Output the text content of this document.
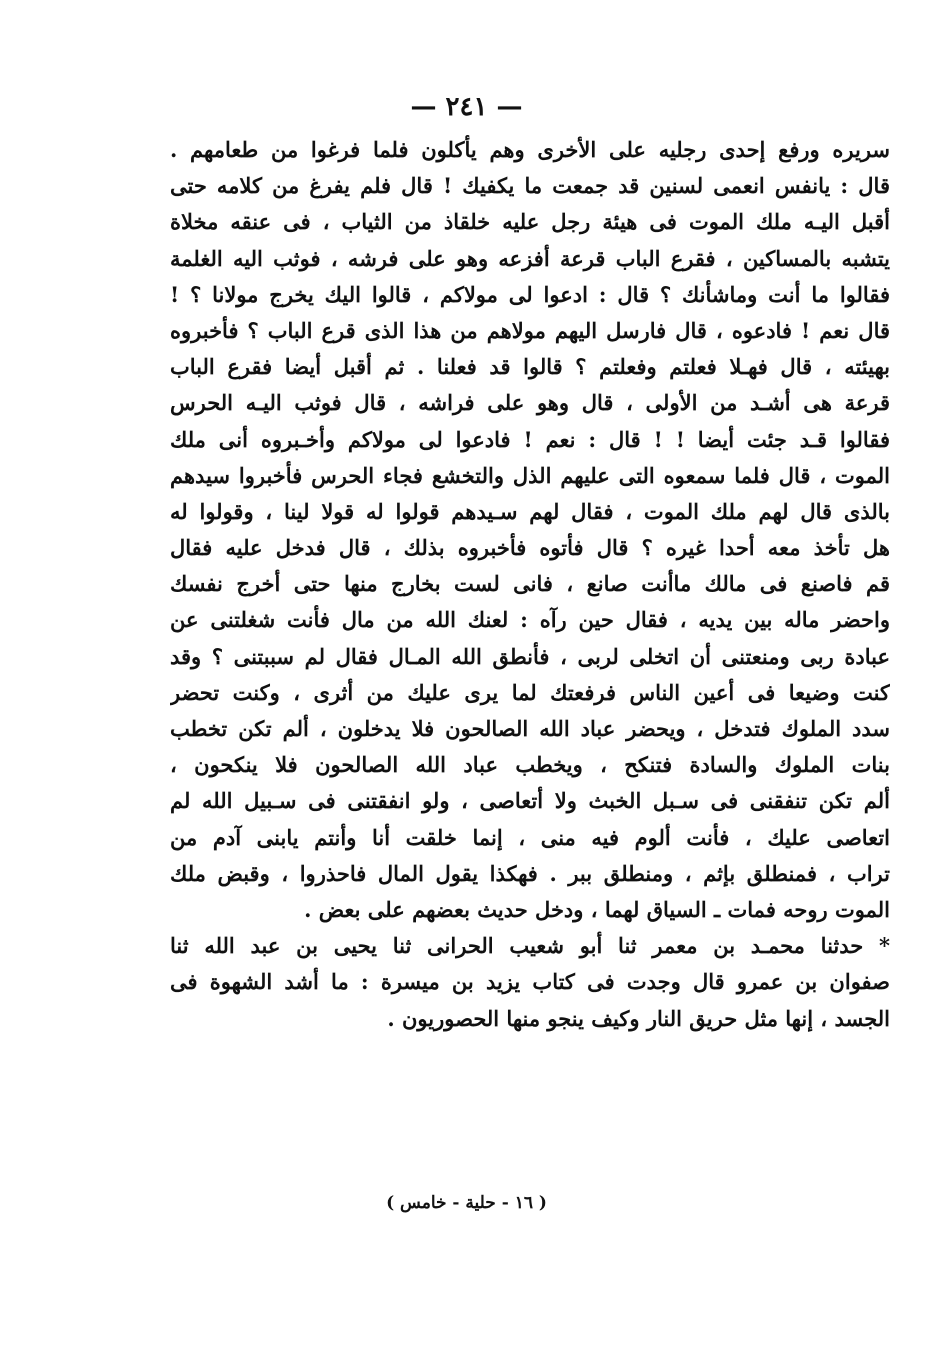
— ٢٤١ —
سريره ورفع إحدى رجليه على الأخرى وهم يأكلون فلما فرغوا من طعامهم .
قال : يانفس انعمى لسنين قد جمعت ما يكفيك ! قال فلم يفرغ من كلامه حتى
أقبل اليـه ملك الموت فى هيئة رجل عليه خلقاذ من الثياب ، فى عنقه مخلاة
يتشبه بالمساكين ، فقرع الباب قرعة أفزعه وهو على فرشه ، فوثب اليه الغلمة
فقالوا ما أنت وماشأنك ؟ قال : ادعوا لى مولاكم ، قالوا اليك يخرج مولانا ؟ !
قال نعم ! فادعوه ، قال فارسل اليهم مولاهم من هذا الذى قرع الباب ؟ فأخبروه
بهيئته ، قال فهـلا فعلتم وفعلتم ؟ قالوا قد فعلنا . ثم أقبل أيضا فقرع الباب
قرعة هى أشـد من الأولى ، قال وهو على فراشه ، قال فوثب اليـه الحرس
فقالوا قـد جئت أيضا ! ! قال : نعم ! فادعوا لى مولاكم وأخـبروه أنى ملك
الموت ، قال فلما سمعوه التى عليهم الذل والتخشع فجاء الحرس فأخبروا سيدهم
بالذى قال لهم ملك الموت ، فقال لهم سـيدهم قولوا له قولا لينا ، وقولوا له
هل تأخذ معه أحدا غيره ؟ قال فأتوه فأخبروه بذلك ، قال فدخل عليه فقال
قم فاصنع فى مالك ماأنت صانع ، فانى لست بخارج منها حتى أخرج نفسك
واحضر ماله بين يديه ، فقال حين رآه : لعنك الله من مال فأنت شغلتنى عن
عبادة ربى ومنعتنى أن اتخلى لربى ، فأنطق الله المـال فقال لم سببتنى ؟ وقد
كنت وضيعا فى أعين الناس فرفعتك لما يرى عليك من أثرى ، وكنت تحضر
سدد الملوك فتدخل ، ويحضر عباد الله الصالحون فلا يدخلون ، ألم تكن تخطب
بنات الملوك والسادة فتنكح ، ويخطب عباد الله الصالحون فلا ينكحون ،
ألم تكن تنفقنى فى سـبل الخبث ولا أتعاصى ، ولو انفقتنى فى سـبيل الله لم
اتعاصى عليك ، فأنت ألوم فيه منى ، إنما خلقت أنا وأنتم يابنى آدم من
تراب ، فمنطلق بإثم ، ومنطلق ببر . فهكذا يقول المال فاحذروا ، وقبض ملك
الموت روحه فمات ـ السياق لهما ، ودخل حديث بعضهم على بعض .
* حدثنا محمـد بن معمر ثنا أبو شعيب الحرانى ثنا يحيى بن عبد الله ثنا
صفوان بن عمرو قال وجدت فى كتاب يزيد بن ميسرة : ما أشد الشهوة فى
الجسد ، إنها مثل حريق النار وكيف ينجو منها الحصوريون .
( ١٦ - حلية - خامس )
